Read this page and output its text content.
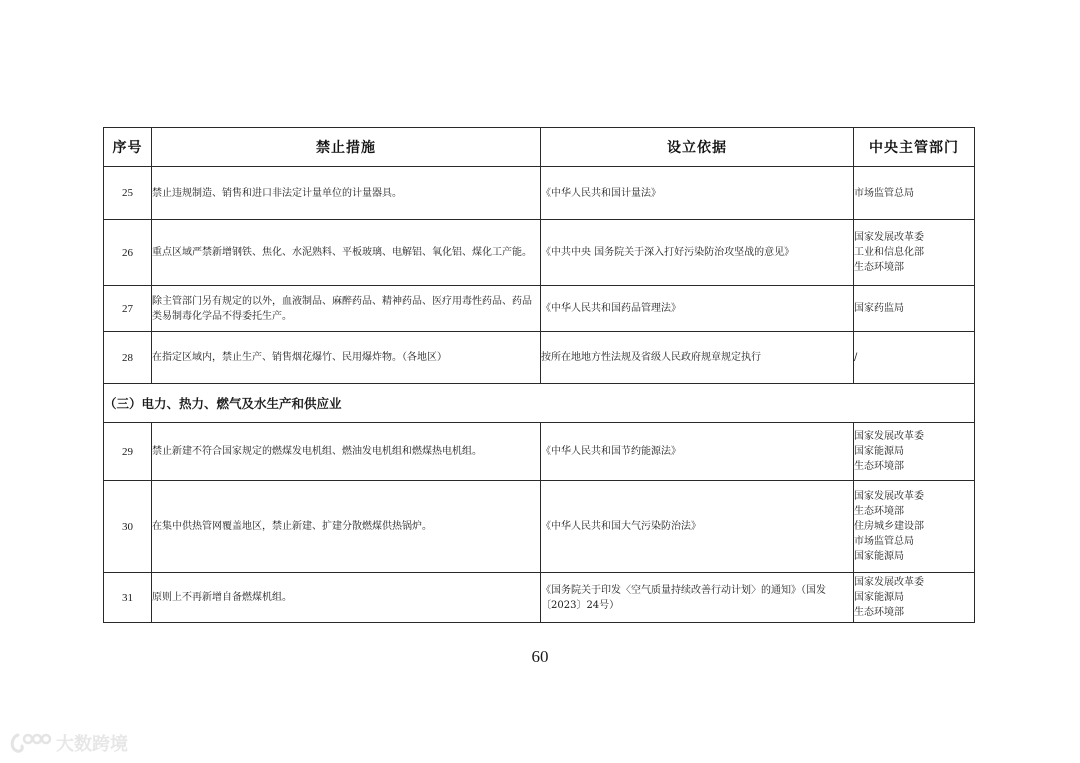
序号	禁止措施	设立依据	中央主管部门
25	禁止违规制造、销售和进口非法定计量单位的计量器具。	《中华人民共和国计量法》	市场监管总局

26	重点区域严禁新增钢铁、焦化、水泥熟料、平板玻璃、电解铝、氧化铝、煤化工产能。	《中共中央 国务院关于深入打好污染防治攻坚战的意见》	国家发展改革委
工业和信息化部
生态环境部

27	除主管部门另有规定的以外，血液制品、麻醉药品、精神药品、医疗用毒性药品、药品类易制毒化学品不得委托生产。	《中华人民共和国药品管理法》	国家药监局

28	在指定区域内，禁止生产、销售烟花爆竹、民用爆炸物。（各地区）	按所在地地方性法规及省级人民政府规章规定执行	/

（三）电力、热力、燃气及水生产和供应业			
29	禁止新建不符合国家规定的燃煤发电机组、燃油发电机组和燃煤热电机组。	《中华人民共和国节约能源法》	国家发展改革委
国家能源局
生态环境部

30	在集中供热管网覆盖地区，禁止新建、扩建分散燃煤供热锅炉。	《中华人民共和国大气污染防治法》	国家发展改革委
生态环境部
住房城乡建设部
市场监管总局
国家能源局

31	原则上不再新增自备燃煤机组。	《国务院关于印发〈空气质量持续改善行动计划〉的通知》（国发〔2023〕24号）	国家发展改革委
国家能源局
生态环境部
60
大数跨境
